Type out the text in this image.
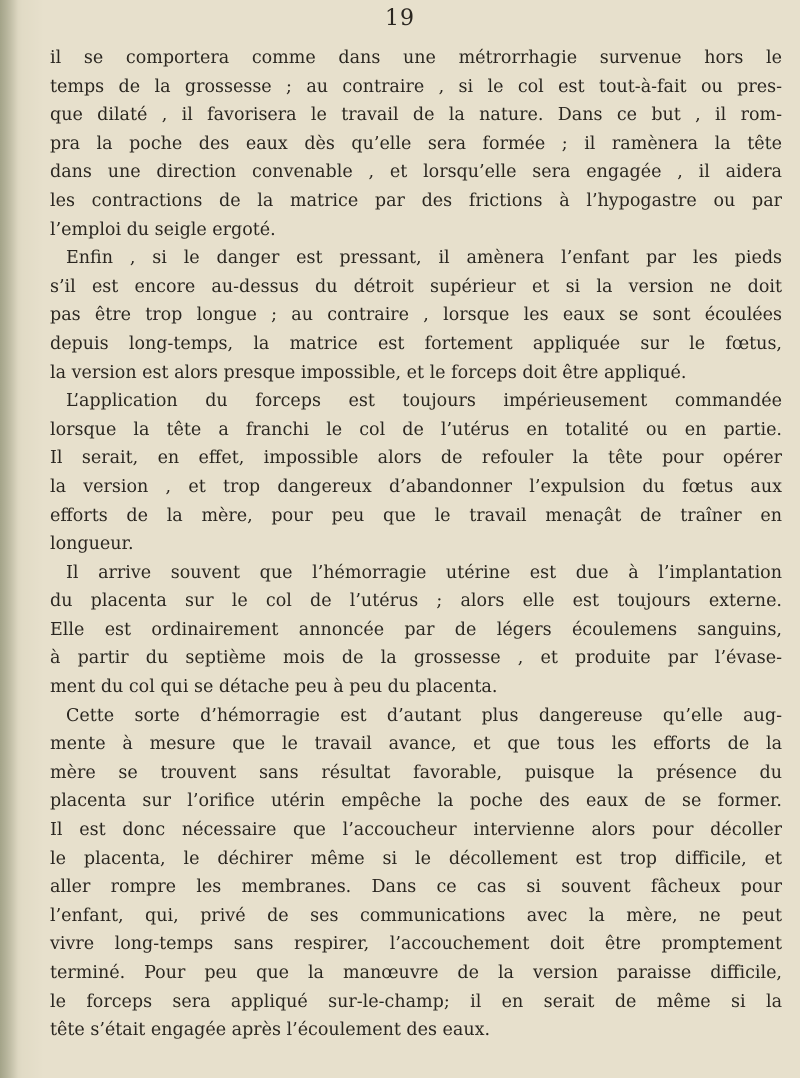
19
il se comportera comme dans une métrorrhagie survenue hors le
temps de la grossesse ; au contraire , si le col est tout-à-fait ou pres-
que dilaté , il favorisera le travail de la nature. Dans ce but , il rom-
pra la poche des eaux dès qu’elle sera formée ; il ramènera la tête
dans une direction convenable , et lorsqu’elle sera engagée , il aidera
les contractions de la matrice par des frictions à l’hypogastre ou par
l’emploi du seigle ergoté.
Enfin , si le danger est pressant, il amènera l’enfant par les pieds
s’il est encore au-dessus du détroit supérieur et si la version ne doit
pas être trop longue ; au contraire , lorsque les eaux se sont écoulées
depuis long-temps, la matrice est fortement appliquée sur le fœtus,
la version est alors presque impossible, et le forceps doit être appliqué.
L’application du forceps est toujours impérieusement commandée
lorsque la tête a franchi le col de l’utérus en totalité ou en partie.
Il serait, en effet, impossible alors de refouler la tête pour opérer
la version , et trop dangereux d’abandonner l’expulsion du fœtus aux
efforts de la mère, pour peu que le travail menaçât de traîner en
longueur.
Il arrive souvent que l’hémorragie utérine est due à l’implantation
du placenta sur le col de l’utérus ; alors elle est toujours externe.
Elle est ordinairement annoncée par de légers écoulemens sanguins,
à partir du septième mois de la grossesse , et produite par l’évase-
ment du col qui se détache peu à peu du placenta.
Cette sorte d’hémorragie est d’autant plus dangereuse qu’elle aug-
mente à mesure que le travail avance, et que tous les efforts de la
mère se trouvent sans résultat favorable, puisque la présence du
placenta sur l’orifice utérin empêche la poche des eaux de se former.
Il est donc nécessaire que l’accoucheur intervienne alors pour décoller
le placenta, le déchirer même si le décollement est trop difficile, et
aller rompre les membranes. Dans ce cas si souvent fâcheux pour
l’enfant, qui, privé de ses communications avec la mère, ne peut
vivre long-temps sans respirer, l’accouchement doit être promptement
terminé. Pour peu que la manœuvre de la version paraisse difficile,
le forceps sera appliqué sur-le-champ; il en serait de même si la
tête s’était engagée après l’écoulement des eaux.
